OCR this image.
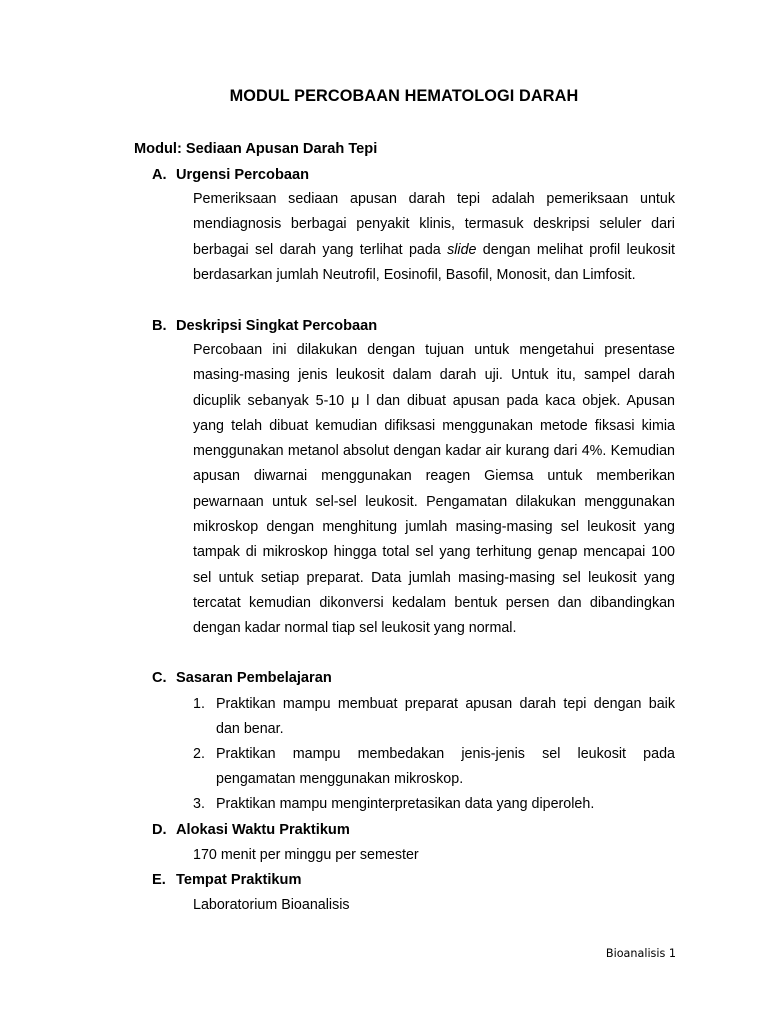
MODUL PERCOBAAN HEMATOLOGI DARAH
Modul: Sediaan Apusan Darah Tepi
A. Urgensi Percobaan

Pemeriksaan sediaan apusan darah tepi adalah pemeriksaan untuk mendiagnosis berbagai penyakit klinis, termasuk deskripsi seluler dari berbagai sel darah yang terlihat pada slide dengan melihat profil leukosit berdasarkan jumlah Neutrofil, Eosinofil, Basofil, Monosit, dan Limfosit.

B. Deskripsi Singkat Percobaan

Percobaan ini dilakukan dengan tujuan untuk mengetahui presentase masing-masing jenis leukosit dalam darah uji. Untuk itu, sampel darah dicuplik sebanyak 5-10 μ l dan dibuat apusan pada kaca objek. Apusan yang telah dibuat kemudian difiksasi menggunakan metode fiksasi kimia menggunakan metanol absolut dengan kadar air kurang dari 4%. Kemudian apusan diwarnai menggunakan reagen Giemsa untuk memberikan pewarnaan untuk sel-sel leukosit. Pengamatan dilakukan menggunakan mikroskop dengan menghitung jumlah masing-masing sel leukosit yang tampak di mikroskop hingga total sel yang terhitung genap mencapai 100 sel untuk setiap preparat. Data jumlah masing-masing sel leukosit yang tercatat kemudian dikonversi kedalam bentuk persen dan dibandingkan dengan kadar normal tiap sel leukosit yang normal.

C. Sasaran Pembelajaran
1. Praktikan mampu membuat preparat apusan darah tepi dengan baik dan benar.
2. Praktikan mampu membedakan jenis-jenis sel leukosit pada pengamatan menggunakan mikroskop.
3. Praktikan mampu menginterpretasikan data yang diperoleh.
D. Alokasi Waktu Praktikum
170 menit per minggu per semester
E. Tempat Praktikum
Laboratorium Bioanalisis
Bioanalisis 1
